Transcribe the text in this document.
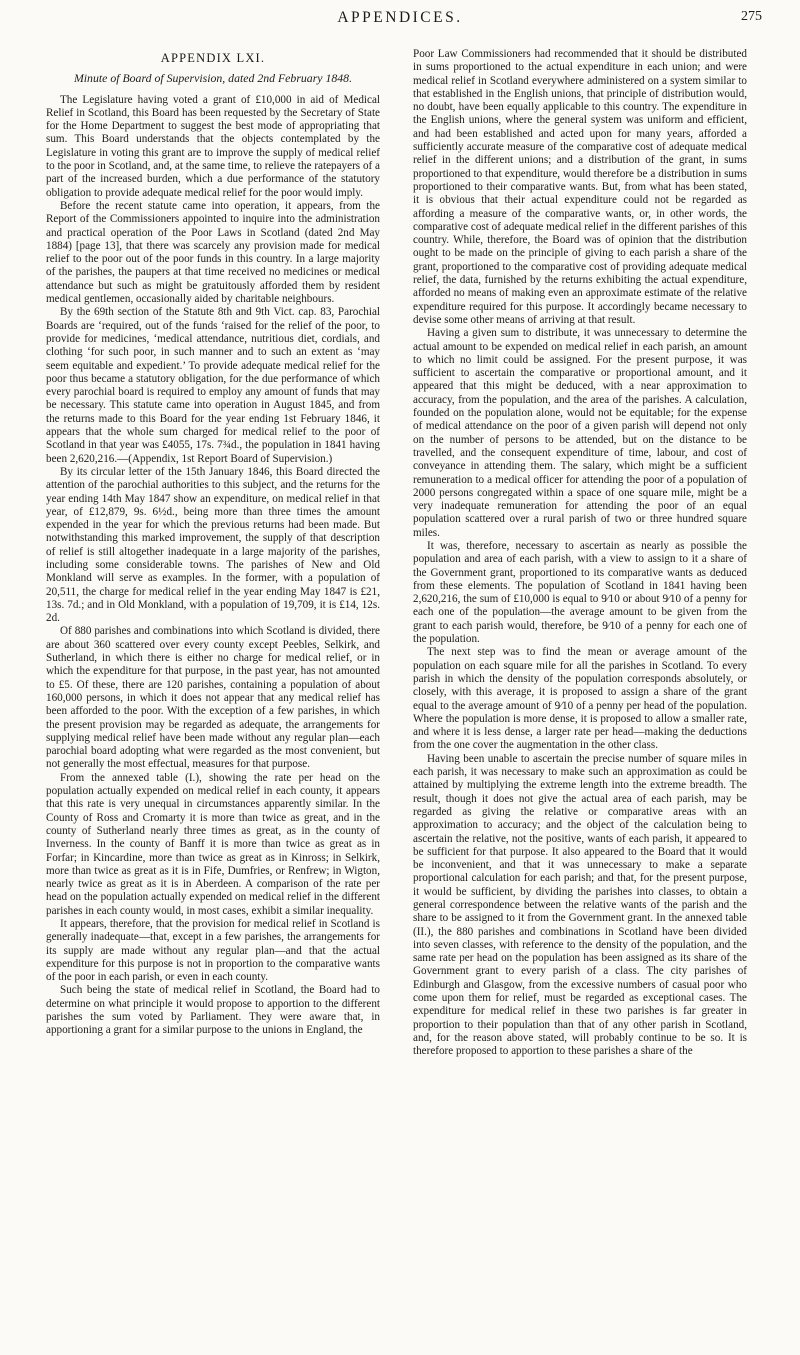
APPENDICES.	275
APPENDIX LXI.
Minute of Board of Supervision, dated 2nd February 1848.

The Legislature having voted a grant of £10,000 in aid of Medical Relief in Scotland, this Board has been requested by the Secretary of State for the Home Department to suggest the best mode of appropriating that sum. This Board understands that the objects contemplated by the Legislature in voting this grant are to improve the supply of medical relief to the poor in Scotland, and, at the same time, to relieve the ratepayers of a part of the increased burden, which a due performance of the statutory obligation to provide adequate medical relief for the poor would imply.

Before the recent statute came into operation, it appears, from the Report of the Commissioners appointed to inquire into the administration and practical operation of the Poor Laws in Scotland (dated 2nd May 1884) [page 13], that there was scarcely any provision made for medical relief to the poor out of the poor funds in this country. In a large majority of the parishes, the paupers at that time received no medicines or medical attendance but such as might be gratuitously afforded them by resident medical gentlemen, occasionally aided by charitable neighbours.

By the 69th section of the Statute 8th and 9th Vict. cap. 83, Parochial Boards are ‘required, out of the funds ‘raised for the relief of the poor, to provide for medicines, ‘medical attendance, nutritious diet, cordials, and clothing ‘for such poor, in such manner and to such an extent as ‘may seem equitable and expedient.’ To provide adequate medical relief for the poor thus became a statutory obligation, for the due performance of which every parochial board is required to employ any amount of funds that may be necessary. This statute came into operation in August 1845, and from the returns made to this Board for the year ending 1st February 1846, it appears that the whole sum charged for medical relief to the poor of Scotland in that year was £4055, 17s. 7¾d., the population in 1841 having been 2,620,216.—(Appendix, 1st Report Board of Supervision.)

By its circular letter of the 15th January 1846, this Board directed the attention of the parochial authorities to this subject, and the returns for the year ending 14th May 1847 show an expenditure, on medical relief in that year, of £12,879, 9s. 6½d., being more than three times the amount expended in the year for which the previous returns had been made. But notwithstanding this marked improvement, the supply of that description of relief is still altogether inadequate in a large majority of the parishes, including some considerable towns. The parishes of New and Old Monkland will serve as examples. In the former, with a population of 20,511, the charge for medical relief in the year ending May 1847 is £21, 13s. 7d.; and in Old Monkland, with a population of 19,709, it is £14, 12s. 2d.

Of 880 parishes and combinations into which Scotland is divided, there are about 360 scattered over every county except Peebles, Selkirk, and Sutherland, in which there is either no charge for medical relief, or in which the expenditure for that purpose, in the past year, has not amounted to £5. Of these, there are 120 parishes, containing a population of about 160,000 persons, in which it does not appear that any medical relief has been afforded to the poor. With the exception of a few parishes, in which the present provision may be regarded as adequate, the arrangements for supplying medical relief have been made without any regular plan—each parochial board adopting what were regarded as the most convenient, but not generally the most effectual, measures for that purpose.

From the annexed table (I.), showing the rate per head on the population actually expended on medical relief in each county, it appears that this rate is very unequal in circumstances apparently similar. In the County of Ross and Cromarty it is more than twice as great, and in the county of Sutherland nearly three times as great, as in the county of Inverness. In the county of Banff it is more than twice as great as in Forfar; in Kincardine, more than twice as great as in Kinross; in Selkirk, more than twice as great as it is in Fife, Dumfries, or Renfrew; in Wigton, nearly twice as great as it is in Aberdeen. A comparison of the rate per head on the population actually expended on medical relief in the different parishes in each county would, in most cases, exhibit a similar inequality.

It appears, therefore, that the provision for medical relief in Scotland is generally inadequate—that, except in a few parishes, the arrangements for its supply are made without any regular plan—and that the actual expenditure for this purpose is not in proportion to the comparative wants of the poor in each parish, or even in each county.

Such being the state of medical relief in Scotland, the Board had to determine on what principle it would propose to apportion to the different parishes the sum voted by Parliament. They were aware that, in apportioning a grant for a similar purpose to the unions in England, the

Poor Law Commissioners had recommended that it should be distributed in sums proportioned to the actual expenditure in each union; and were medical relief in Scotland everywhere administered on a system similar to that established in the English unions, that principle of distribution would, no doubt, have been equally applicable to this country. The expenditure in the English unions, where the general system was uniform and efficient, and had been established and acted upon for many years, afforded a sufficiently accurate measure of the comparative cost of adequate medical relief in the different unions; and a distribution of the grant, in sums proportioned to that expenditure, would therefore be a distribution in sums proportioned to their comparative wants. But, from what has been stated, it is obvious that their actual expenditure could not be regarded as affording a measure of the comparative wants, or, in other words, the comparative cost of adequate medical relief in the different parishes of this country. While, therefore, the Board was of opinion that the distribution ought to be made on the principle of giving to each parish a share of the grant, proportioned to the comparative cost of providing adequate medical relief, the data, furnished by the returns exhibiting the actual expenditure, afforded no means of making even an approximate estimate of the relative expenditure required for this purpose. It accordingly became necessary to devise some other means of arriving at that result.

Having a given sum to distribute, it was unnecessary to determine the actual amount to be expended on medical relief in each parish, an amount to which no limit could be assigned. For the present purpose, it was sufficient to ascertain the comparative or proportional amount, and it appeared that this might be deduced, with a near approximation to accuracy, from the population, and the area of the parishes. A calculation, founded on the population alone, would not be equitable; for the expense of medical attendance on the poor of a given parish will depend not only on the number of persons to be attended, but on the distance to be travelled, and the consequent expenditure of time, labour, and cost of conveyance in attending them. The salary, which might be a sufficient remuneration to a medical officer for attending the poor of a population of 2000 persons congregated within a space of one square mile, might be a very inadequate remuneration for attending the poor of an equal population scattered over a rural parish of two or three hundred square miles.

It was, therefore, necessary to ascertain as nearly as possible the population and area of each parish, with a view to assign to it a share of the Government grant, proportioned to its comparative wants as deduced from these elements. The population of Scotland in 1841 having been 2,620,216, the sum of £10,000 is equal to 9⁄10 or about 9⁄10 of a penny for each one of the population—the average amount to be given from the grant to each parish would, therefore, be 9⁄10 of a penny for each one of the population.

The next step was to find the mean or average amount of the population on each square mile for all the parishes in Scotland. To every parish in which the density of the population corresponds absolutely, or closely, with this average, it is proposed to assign a share of the grant equal to the average amount of 9⁄10 of a penny per head of the population. Where the population is more dense, it is proposed to allow a smaller rate, and where it is less dense, a larger rate per head—making the deductions from the one cover the augmentation in the other class.

Having been unable to ascertain the precise number of square miles in each parish, it was necessary to make such an approximation as could be attained by multiplying the extreme length into the extreme breadth. The result, though it does not give the actual area of each parish, may be regarded as giving the relative or comparative areas with an approximation to accuracy; and the object of the calculation being to ascertain the relative, not the positive, wants of each parish, it appeared to be sufficient for that purpose. It also appeared to the Board that it would be inconvenient, and that it was unnecessary to make a separate proportional calculation for each parish; and that, for the present purpose, it would be sufficient, by dividing the parishes into classes, to obtain a general correspondence between the relative wants of the parish and the share to be assigned to it from the Government grant. In the annexed table (II.), the 880 parishes and combinations in Scotland have been divided into seven classes, with reference to the density of the population, and the same rate per head on the population has been assigned as its share of the Government grant to every parish of a class. The city parishes of Edinburgh and Glasgow, from the excessive numbers of casual poor who come upon them for relief, must be regarded as exceptional cases. The expenditure for medical relief in these two parishes is far greater in proportion to their population than that of any other parish in Scotland, and, for the reason above stated, will probably continue to be so. It is therefore proposed to apportion to these parishes a share of the
